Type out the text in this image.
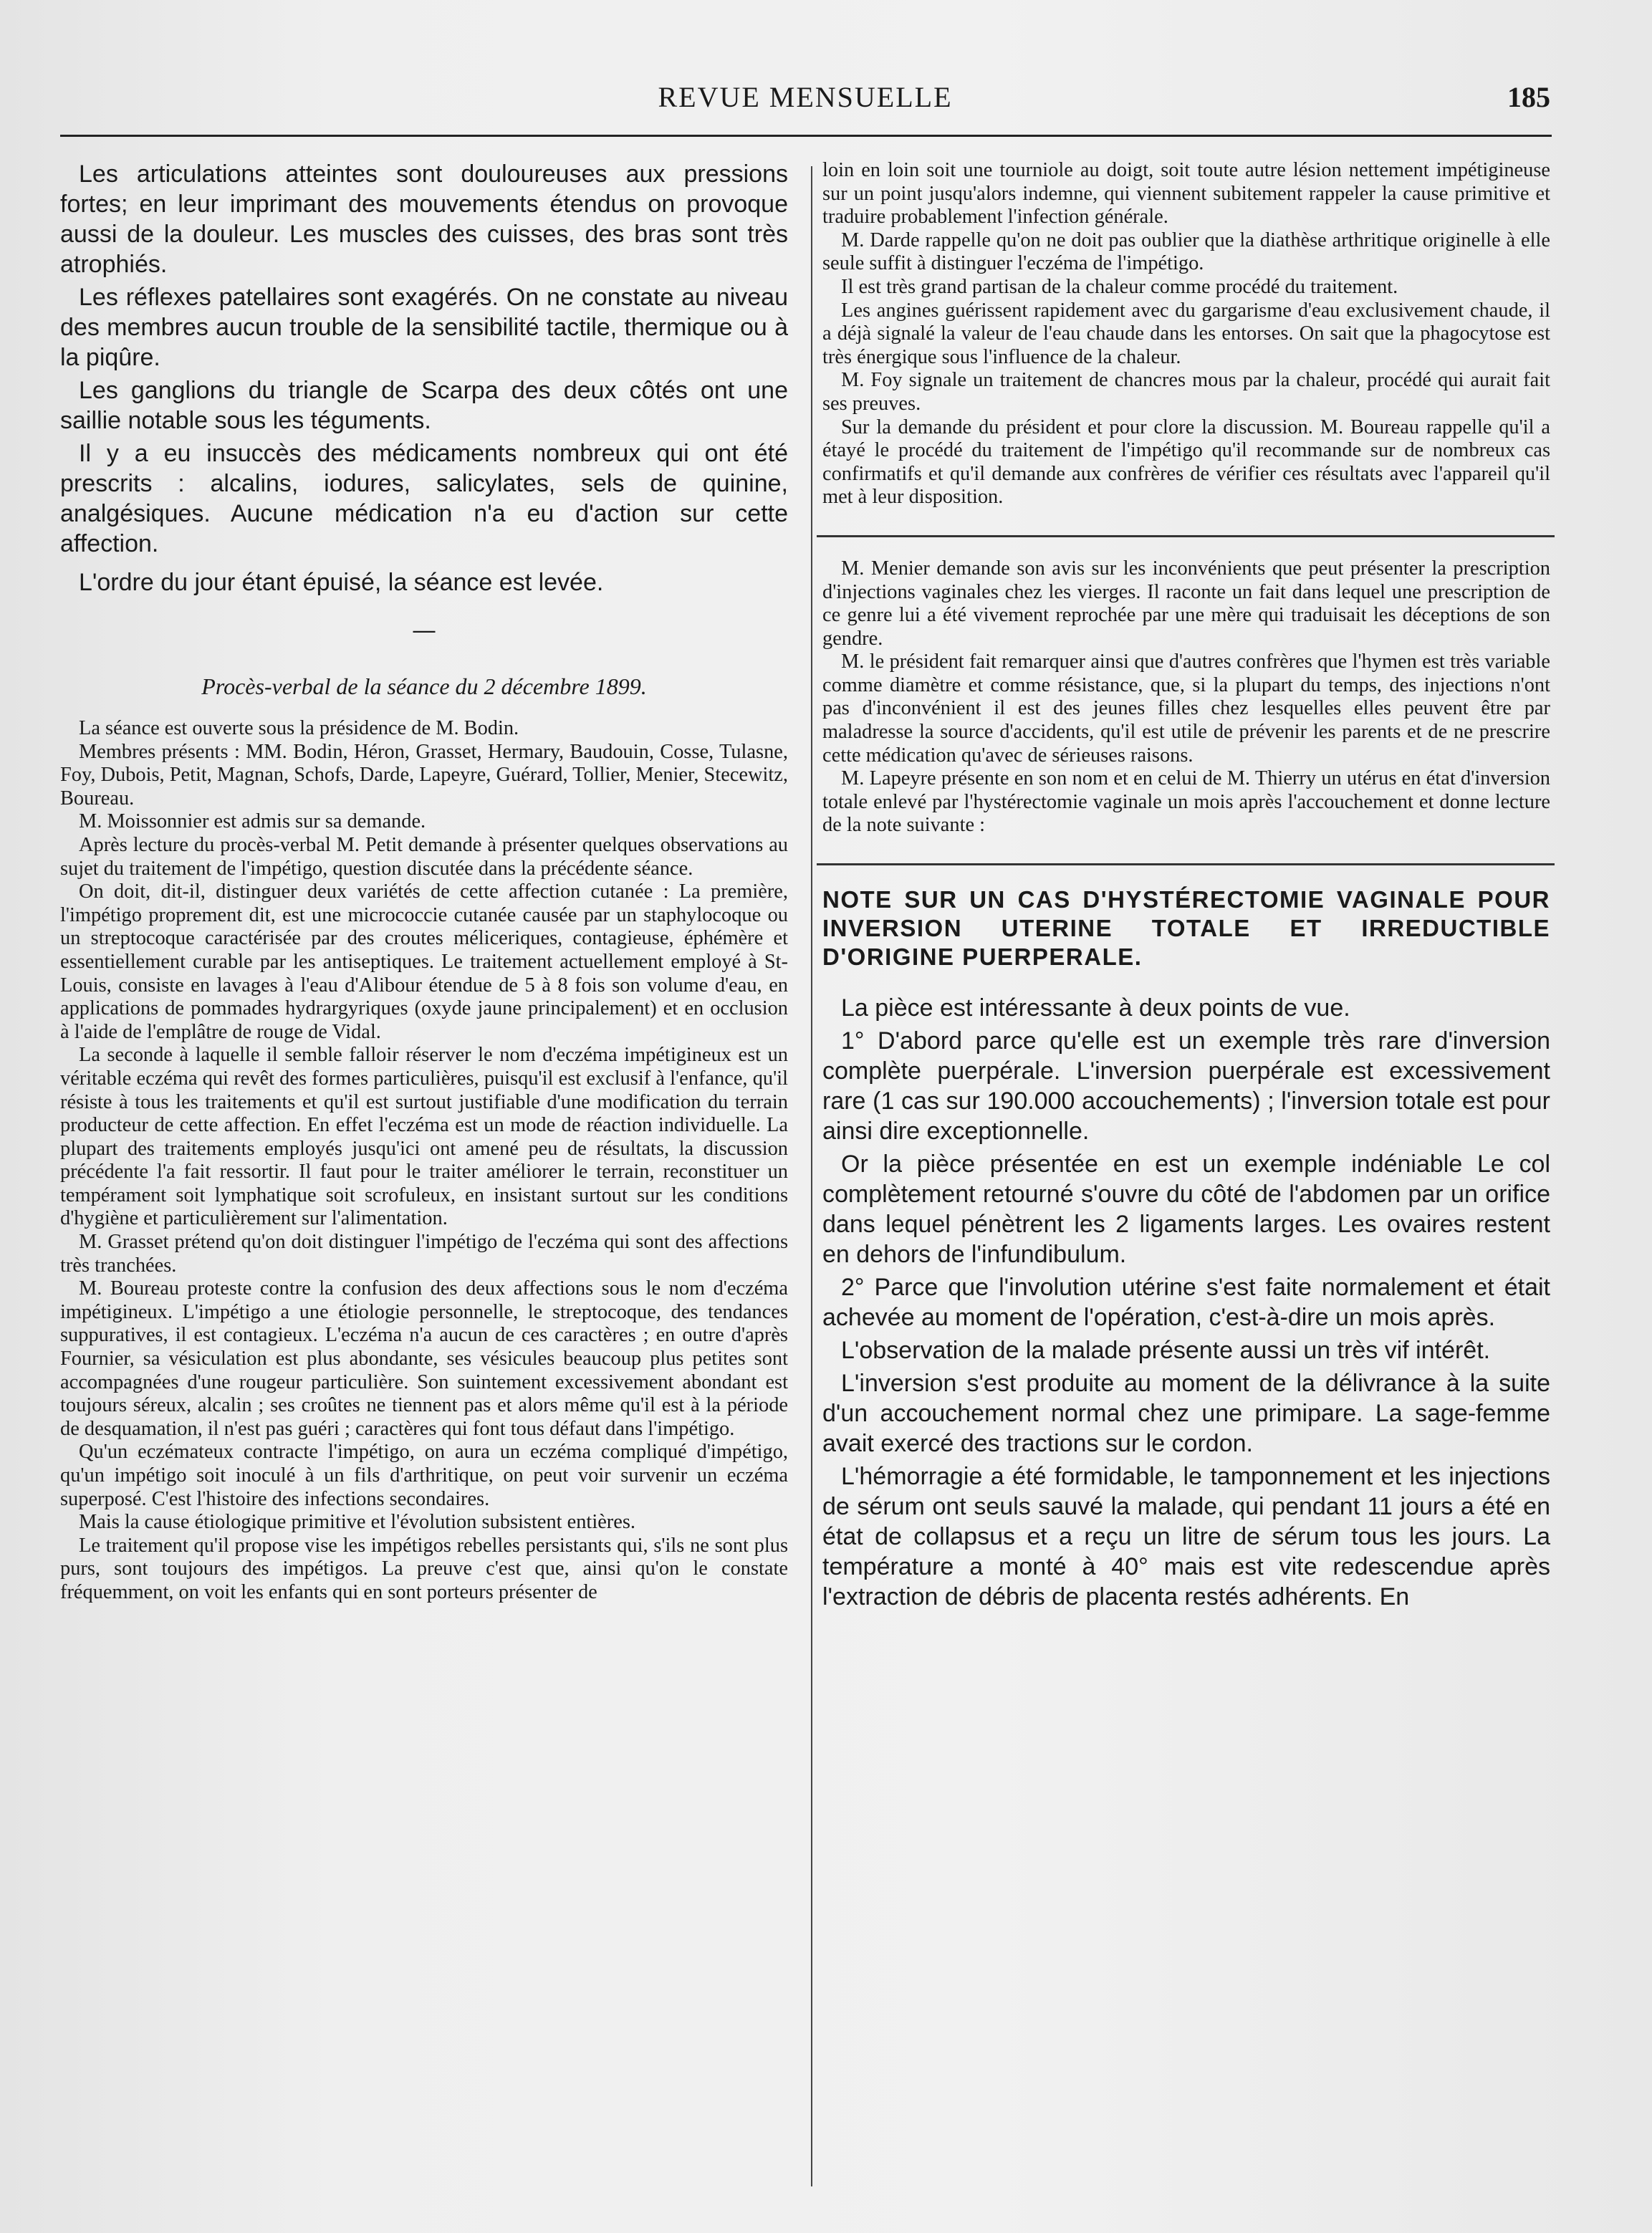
REVUE MENSUELLE	185

Les articulations atteintes sont douloureuses aux pressions fortes; en leur imprimant des mouvements étendus on provoque aussi de la douleur. Les muscles des cuisses, des bras sont très atrophiés.

Les réflexes patellaires sont exagérés. On ne constate au niveau des membres aucun trouble de la sensibilité tactile, thermique ou à la piqûre.

Les ganglions du triangle de Scarpa des deux côtés ont une saillie notable sous les téguments.

Il y a eu insuccès des médicaments nombreux qui ont été prescrits : alcalins, iodures, salicylates, sels de quinine, analgésiques. Aucune médication n'a eu d'action sur cette affection.

L'ordre du jour étant épuisé, la séance est levée.

—
Procès-verbal de la séance du 2 décembre 1899.

La séance est ouverte sous la présidence de M. Bodin.

Membres présents : MM. Bodin, Héron, Grasset, Hermary, Baudouin, Cosse, Tulasne, Foy, Dubois, Petit, Magnan, Schofs, Darde, Lapeyre, Guérard, Tollier, Menier, Stecewitz, Boureau.

M. Moissonnier est admis sur sa demande.

Après lecture du procès-verbal M. Petit demande à présenter quelques observations au sujet du traitement de l'impétigo, question discutée dans la précédente séance.

On doit, dit-il, distinguer deux variétés de cette affection cutanée : La première, l'impétigo proprement dit, est une micrococcie cutanée causée par un staphylocoque ou un streptocoque caractérisée par des croutes méliceriques, contagieuse, éphémère et essentiellement curable par les antiseptiques. Le traitement actuellement employé à St-Louis, consiste en lavages à l'eau d'Alibour étendue de 5 à 8 fois son volume d'eau, en applications de pommades hydrargyriques (oxyde jaune principalement) et en occlusion à l'aide de l'emplâtre de rouge de Vidal.

La seconde à laquelle il semble falloir réserver le nom d'eczéma impétigineux est un véritable eczéma qui revêt des formes particulières, puisqu'il est exclusif à l'enfance, qu'il résiste à tous les traitements et qu'il est surtout justifiable d'une modification du terrain producteur de cette affection. En effet l'eczéma est un mode de réaction individuelle. La plupart des traitements employés jusqu'ici ont amené peu de résultats, la discussion précédente l'a fait ressortir. Il faut pour le traiter améliorer le terrain, reconstituer un tempérament soit lymphatique soit scrofuleux, en insistant surtout sur les conditions d'hygiène et particulièrement sur l'alimentation.

M. Grasset prétend qu'on doit distinguer l'impétigo de l'eczéma qui sont des affections très tranchées.

M. Boureau proteste contre la confusion des deux affections sous le nom d'eczéma impétigineux. L'impétigo a une étiologie personnelle, le streptocoque, des tendances suppuratives, il est contagieux. L'eczéma n'a aucun de ces caractères ; en outre d'après Fournier, sa vésiculation est plus abondante, ses vésicules beaucoup plus petites sont accompagnées d'une rougeur particulière. Son suintement excessivement abondant est toujours séreux, alcalin ; ses croûtes ne tiennent pas et alors même qu'il est à la période de desquamation, il n'est pas guéri ; caractères qui font tous défaut dans l'impétigo.

Qu'un eczémateux contracte l'impétigo, on aura un eczéma compliqué d'impétigo, qu'un impétigo soit inoculé à un fils d'arthritique, on peut voir survenir un eczéma superposé. C'est l'histoire des infections secondaires.

Mais la cause étiologique primitive et l'évolution subsistent entières.

Le traitement qu'il propose vise les impétigos rebelles persistants qui, s'ils ne sont plus purs, sont toujours des impétigos. La preuve c'est que, ainsi qu'on le constate fréquemment, on voit les enfants qui en sont porteurs présenter de

loin en loin soit une tourniole au doigt, soit toute autre lésion nettement impétigineuse sur un point jusqu'alors indemne, qui viennent subitement rappeler la cause primitive et traduire probablement l'infection générale.

M. Darde rappelle qu'on ne doit pas oublier que la diathèse arthritique originelle à elle seule suffit à distinguer l'eczéma de l'impétigo.

Il est très grand partisan de la chaleur comme procédé du traitement.

Les angines guérissent rapidement avec du gargarisme d'eau exclusivement chaude, il a déjà signalé la valeur de l'eau chaude dans les entorses. On sait que la phagocytose est très énergique sous l'influence de la chaleur.

M. Foy signale un traitement de chancres mous par la chaleur, procédé qui aurait fait ses preuves.

Sur la demande du président et pour clore la discussion. M. Boureau rappelle qu'il a étayé le procédé du traitement de l'impétigo qu'il recommande sur de nombreux cas confirmatifs et qu'il demande aux confrères de vérifier ces résultats avec l'appareil qu'il met à leur disposition.

M. Menier demande son avis sur les inconvénients que peut présenter la prescription d'injections vaginales chez les vierges. Il raconte un fait dans lequel une prescription de ce genre lui a été vivement reprochée par une mère qui traduisait les déceptions de son gendre.

M. le président fait remarquer ainsi que d'autres confrères que l'hymen est très variable comme diamètre et comme résistance, que, si la plupart du temps, des injections n'ont pas d'inconvénient il est des jeunes filles chez lesquelles elles peuvent être par maladresse la source d'accidents, qu'il est utile de prévenir les parents et de ne prescrire cette médication qu'avec de sérieuses raisons.

M. Lapeyre présente en son nom et en celui de M. Thierry un utérus en état d'inversion totale enlevé par l'hystérectomie vaginale un mois après l'accouchement et donne lecture de la note suivante :

NOTE SUR UN CAS D'HYSTÉRECTOMIE VAGINALE POUR INVERSION UTERINE TOTALE ET IRREDUCTIBLE D'ORIGINE PUERPERALE.

La pièce est intéressante à deux points de vue.

1° D'abord parce qu'elle est un exemple très rare d'inversion complète puerpérale. L'inversion puerpérale est excessivement rare (1 cas sur 190.000 accouchements) ; l'inversion totale est pour ainsi dire exceptionnelle.

Or la pièce présentée en est un exemple indéniable Le col complètement retourné s'ouvre du côté de l'abdomen par un orifice dans lequel pénètrent les 2 ligaments larges. Les ovaires restent en dehors de l'infundibulum.

2° Parce que l'involution utérine s'est faite normalement et était achevée au moment de l'opération, c'est-à-dire un mois après.

L'observation de la malade présente aussi un très vif intérêt.

L'inversion s'est produite au moment de la délivrance à la suite d'un accouchement normal chez une primipare. La sage-femme avait exercé des tractions sur le cordon.

L'hémorragie a été formidable, le tamponnement et les injections de sérum ont seuls sauvé la malade, qui pendant 11 jours a été en état de collapsus et a reçu un litre de sérum tous les jours. La température a monté à 40° mais est vite redescendue après l'extraction de débris de placenta restés adhérents. En
